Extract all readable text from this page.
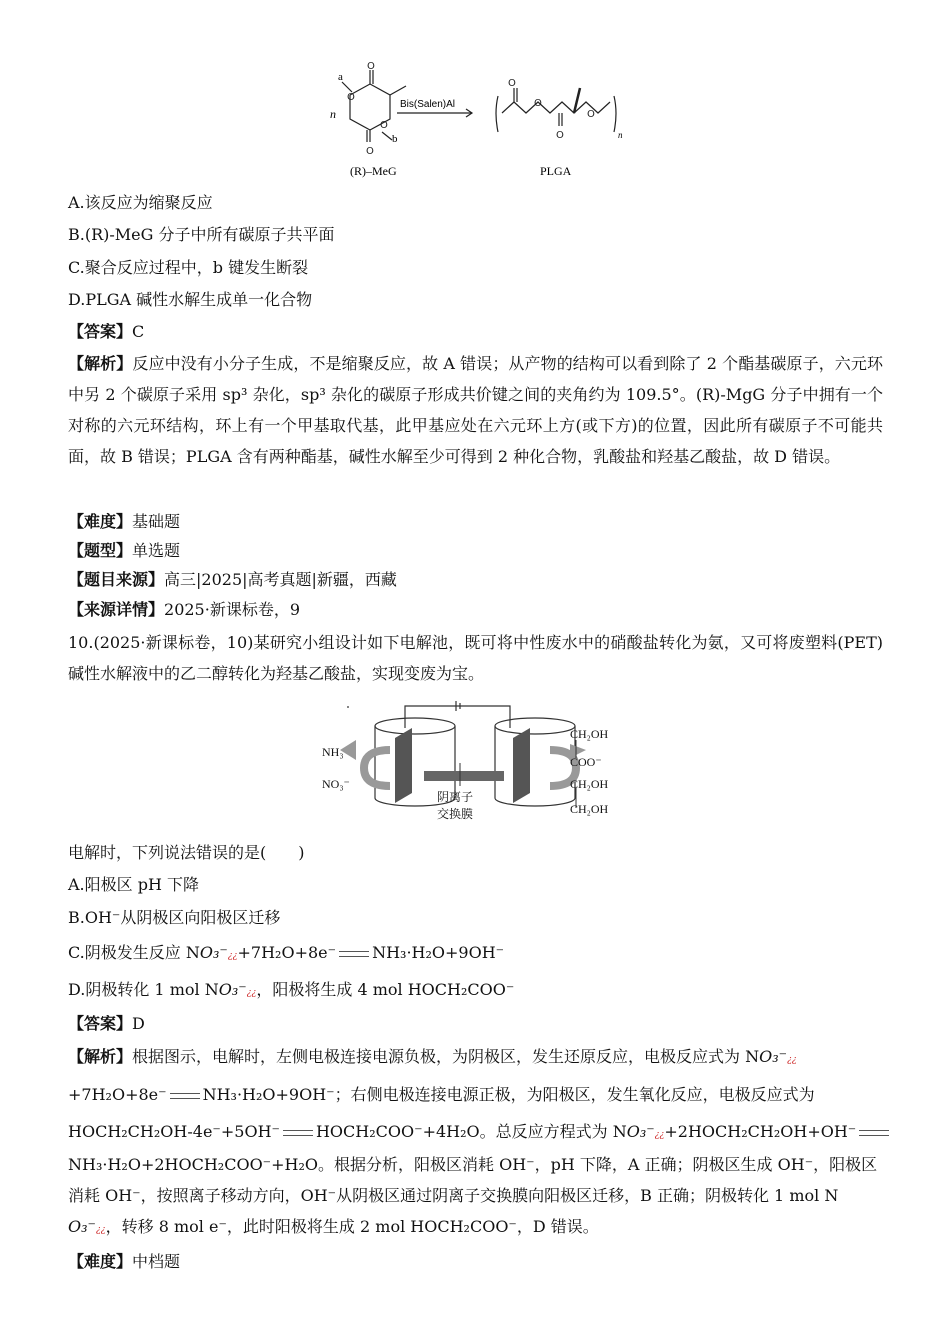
O
O
O
O
O
O
O
O
a
b
n
Bis(Salen)Al
(R)–MeG	PLGA
n
A.该反应为缩聚反应
B.(R)-MeG 分子中所有碳原子共平面
C.聚合反应过程中，b 键发生断裂
D.PLGA 碱性水解生成单一化合物
【答案】C
【解析】反应中没有小分子生成，不是缩聚反应，故 A 错误；从产物的结构可以看到除了 2 个酯基碳原子，六元环中另 2 个碳原子采用 sp³ 杂化，sp³ 杂化的碳原子形成共价键之间的夹角约为 109.5°。(R)-MgG 分子中拥有一个对称的六元环结构，环上有一个甲基取代基，此甲基应处在六元环上方(或下方)的位置，因此所有碳原子不可能共面，故 B 错误；PLGA 含有两种酯基，碱性水解至少可得到 2 种化合物，乳酸盐和羟基乙酸盐，故 D 错误。
【难度】基础题
【题型】单选题
【题目来源】高三|2025|高考真题|新疆，西藏
【来源详情】2025·新课标卷，9
10.(2025·新课标卷，10)某研究小组设计如下电解池，既可将中性废水中的硝酸盐转化为氨，又可将废塑料(PET)碱性水解液中的乙二醇转化为羟基乙酸盐，实现变废为宝。
NH₃
NO₃⁻
CH₂OH
COO⁻
CH₂OH
CH₂OH
阴离子
交换膜
电解时，下列说法错误的是(　　)
A.阳极区 pH 下降
B.OH⁻从阴极区向阳极区迁移
C.阴极发生反应 NO₃⁻¿¿+7H₂O+8e⁻ NH₃·H₂O+9OH⁻
D.阴极转化 1 mol NO₃⁻¿¿，阳极将生成 4 mol HOCH₂COO⁻
【答案】D
【解析】根据图示，电解时，左侧电极连接电源负极，为阴极区，发生还原反应，电极反应式为 NO₃⁻¿¿
+7H₂O+8e⁻ NH₃·H₂O+9OH⁻；右侧电极连接电源正极，为阳极区，发生氧化反应，电极反应式为
HOCH₂CH₂OH-4e⁻+5OH⁻ HOCH₂COO⁻+4H₂O。总反应方程式为 NO₃⁻¿¿+2HOCH₂CH₂OH+OH⁻
NH₃·H₂O+2HOCH₂COO⁻+H₂O。根据分析，阳极区消耗 OH⁻，pH 下降，A 正确；阴极区生成 OH⁻，阳极区
消耗 OH⁻，按照离子移动方向，OH⁻从阴极区通过阴离子交换膜向阳极区迁移，B 正确；阴极转化 1 mol N
O₃⁻¿¿，转移 8 mol e⁻，此时阳极将生成 2 mol HOCH₂COO⁻，D 错误。
【难度】中档题
